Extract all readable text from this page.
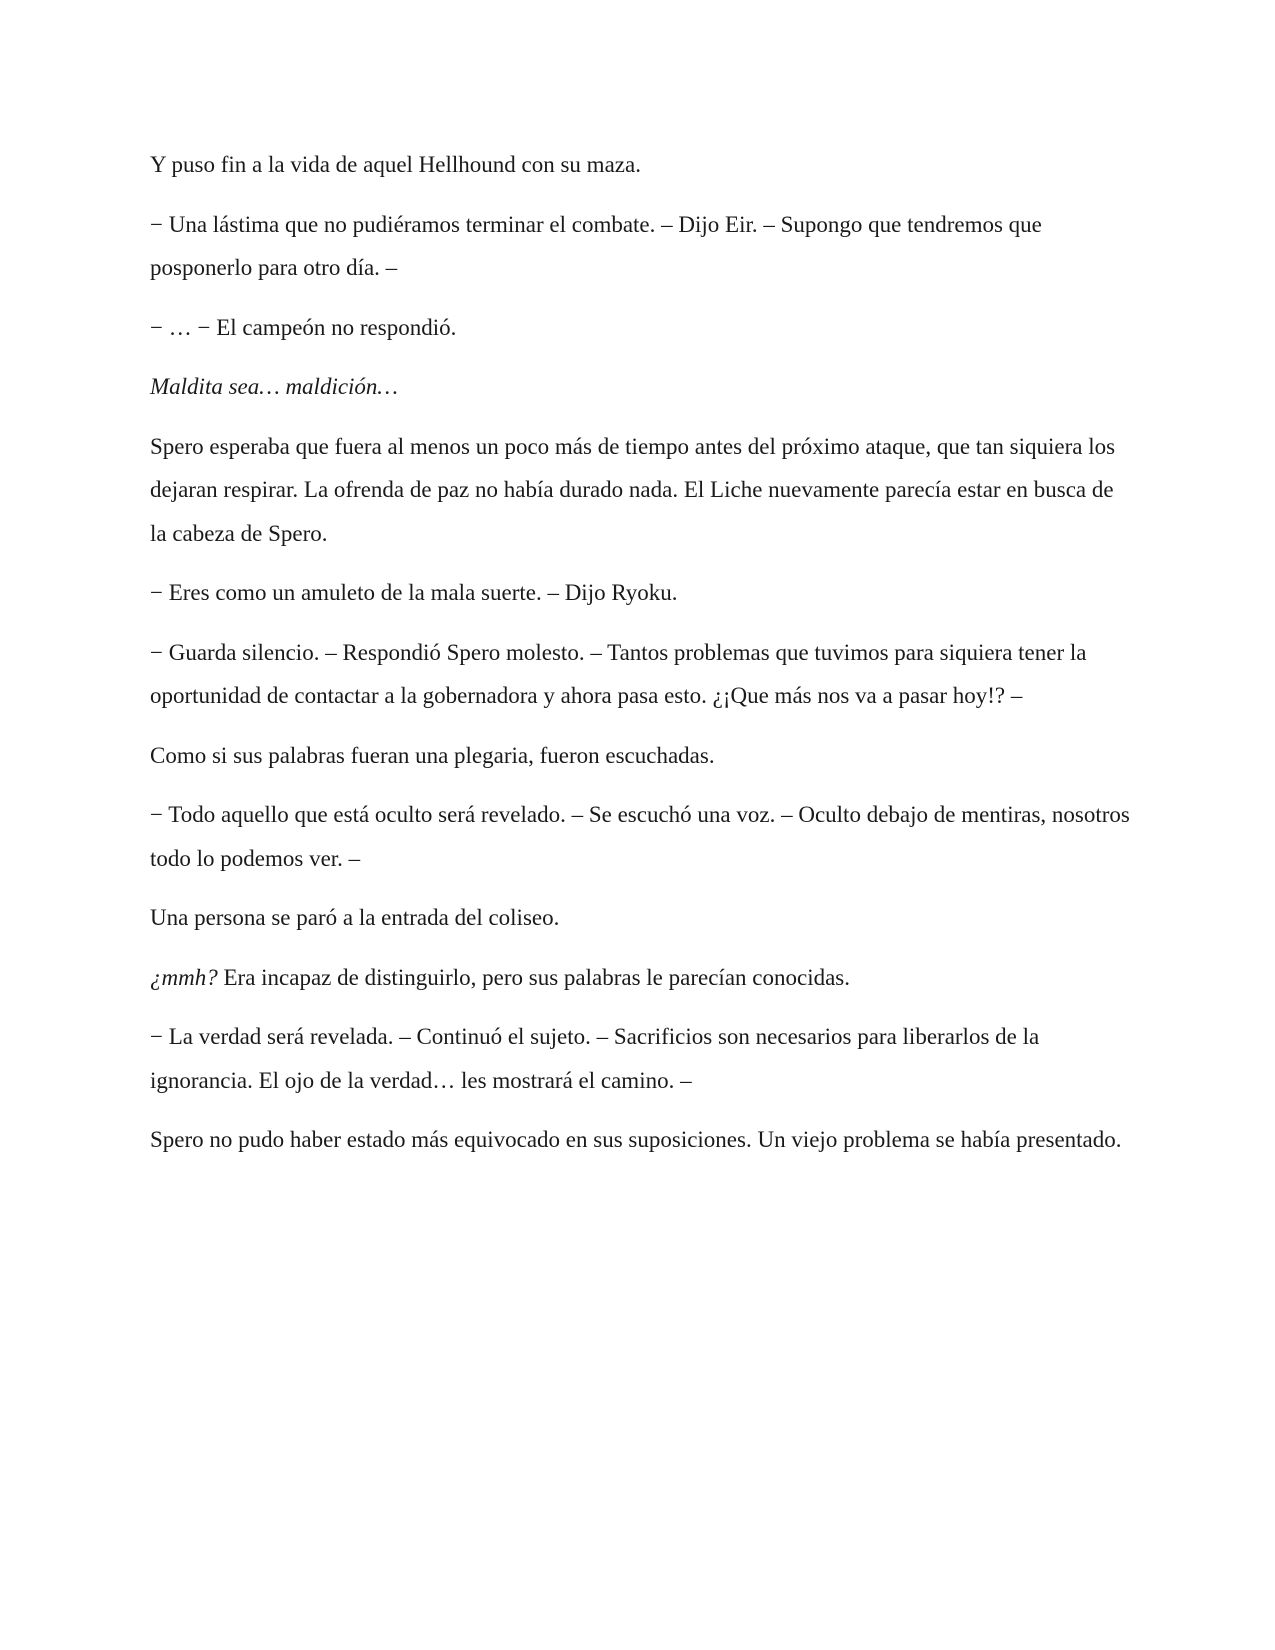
Y puso fin a la vida de aquel Hellhound con su maza.

− Una lástima que no pudiéramos terminar el combate. – Dijo Eir. – Supongo que tendremos que posponerlo para otro día. –

− … − El campeón no respondió.

Maldita sea… maldición…

Spero esperaba que fuera al menos un poco más de tiempo antes del próximo ataque, que tan siquiera los dejaran respirar. La ofrenda de paz no había durado nada. El Liche nuevamente parecía estar en busca de la cabeza de Spero.

− Eres como un amuleto de la mala suerte. – Dijo Ryoku.

− Guarda silencio. – Respondió Spero molesto. – Tantos problemas que tuvimos para siquiera tener la oportunidad de contactar a la gobernadora y ahora pasa esto. ¿¡Que más nos va a pasar hoy!? –

Como si sus palabras fueran una plegaria, fueron escuchadas.

− Todo aquello que está oculto será revelado. – Se escuchó una voz. – Oculto debajo de mentiras, nosotros todo lo podemos ver. –

Una persona se paró a la entrada del coliseo.

¿mmh? Era incapaz de distinguirlo, pero sus palabras le parecían conocidas.

− La verdad será revelada. – Continuó el sujeto. – Sacrificios son necesarios para liberarlos de la ignorancia. El ojo de la verdad… les mostrará el camino. –

Spero no pudo haber estado más equivocado en sus suposiciones. Un viejo problema se había presentado.
